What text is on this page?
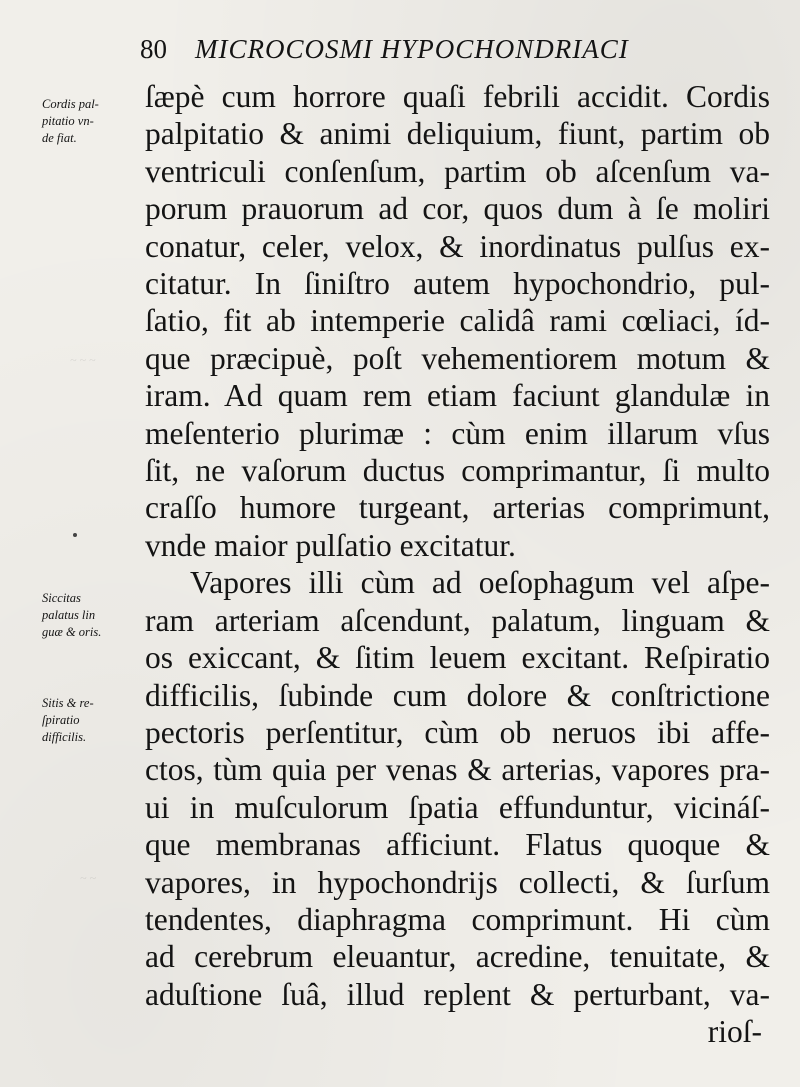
80 MICROCOSMI HYPOCHONDRIACI
~ ~ ~
~ ~
Cordis pal-
pitatio vn-
de fiat.
Siccitas
palatus lin
guæ & oris.
Sitis & re-
ſpiratio
difficilis.
ſæpè cum horrore quaſi febrili accidit. Cordis
palpitatio & animi deliquium, fiunt, partim ob
ventriculi conſenſum, partim ob aſcenſum va-
porum prauorum ad cor, quos dum à ſe moliri
conatur, celer, velox, & inordinatus pulſus ex-
citatur. In ſiniſtro autem hypochondrio, pul-
ſatio, fit ab intemperie calidâ rami cœliaci, íd-
que præcipuè, poſt vehementiorem motum &
iram. Ad quam rem etiam faciunt glandulæ in
meſenterio plurimæ : cùm enim illarum vſus
ſit, ne vaſorum ductus comprimantur, ſi multo
craſſo humore turgeant, arterias comprimunt,
vnde maior pulſatio excitatur.
Vapores illi cùm ad oeſophagum vel aſpe-
ram arteriam aſcendunt, palatum, linguam &
os exiccant, & ſitim leuem excitant. Reſpiratio
difficilis, ſubinde cum dolore & conſtrictione
pectoris perſentitur, cùm ob neruos ibi affe-
ctos, tùm quia per venas & arterias, vapores pra-
ui in muſculorum ſpatia effunduntur, vicináſ-
que membranas afficiunt. Flatus quoque &
vapores, in hypochondrijs collecti, & ſurſum
tendentes, diaphragma comprimunt. Hi cùm
ad cerebrum eleuantur, acredine, tenuitate, &
aduſtione ſuâ, illud replent & perturbant, va-
rioſ-
